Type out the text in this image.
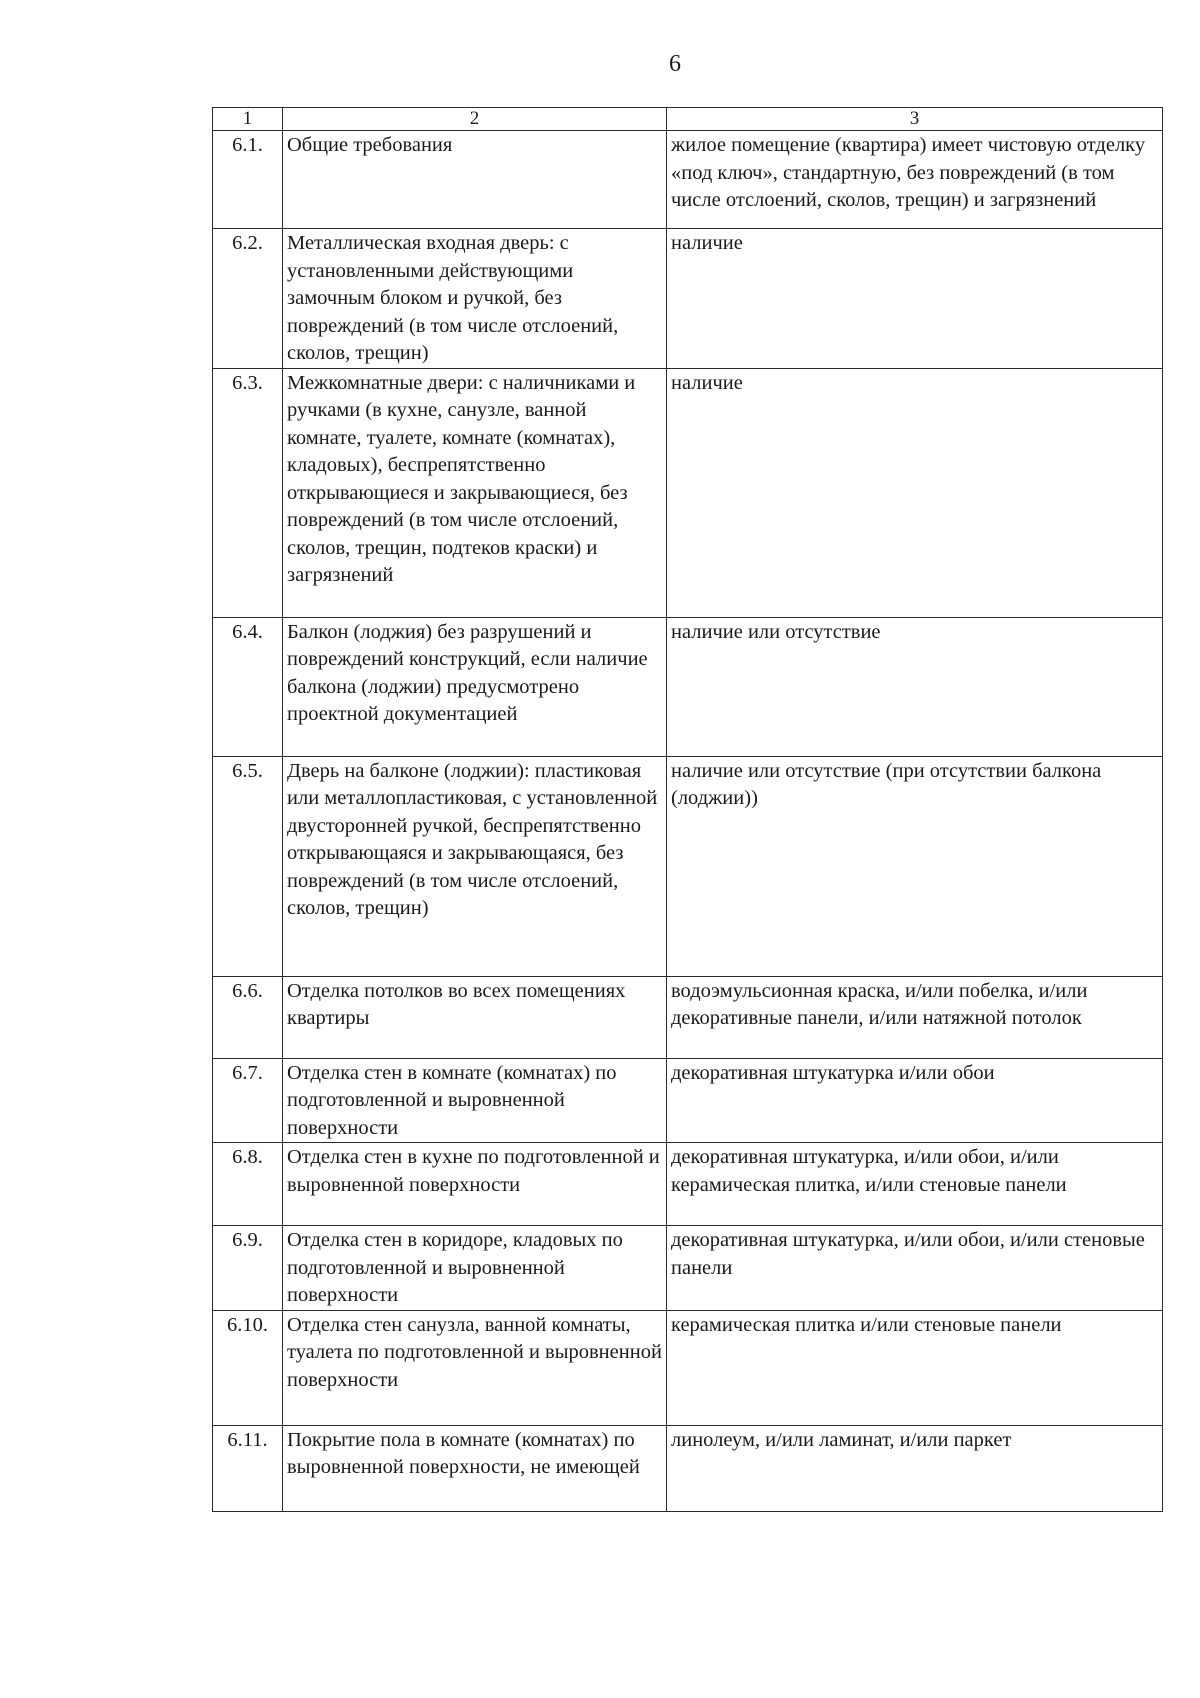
6
1	2	3
6.1.	Общие требования	жилое помещение (квартира) имеет чистовую отделку «под ключ», стандартную, без повреждений (в том числе отслоений, сколов, трещин) и загрязнений
6.2.	Металлическая входная дверь: с установленными действующими замочным блоком и ручкой, без повреждений (в том числе отслоений, сколов, трещин)	наличие
6.3.	Межкомнатные двери: с наличниками и ручками (в кухне, санузле, ванной комнате, туалете, комнате (комнатах), кладовых), беспрепятственно открывающиеся и закрывающиеся, без повреждений (в том числе отслоений, сколов, трещин, подтеков краски) и загрязнений	наличие
6.4.	Балкон (лоджия) без разрушений и повреждений конструкций, если наличие балкона (лоджии) предусмотрено проектной документацией	наличие или отсутствие
6.5.	Дверь на балконе (лоджии): пластиковая или металлопластиковая, с установленной двусторонней ручкой, беспрепятственно открывающаяся и закрывающаяся, без повреждений (в том числе отслоений, сколов, трещин)	наличие или отсутствие (при отсутствии балкона (лоджии))
6.6.	Отделка потолков во всех помещениях квартиры	водоэмульсионная краска, и/или побелка, и/или декоративные панели, и/или натяжной потолок
6.7.	Отделка стен в комнате (комнатах) по подготовленной и выровненной поверхности	декоративная штукатурка и/или обои
6.8.	Отделка стен в кухне по подготовленной и выровненной поверхности	декоративная штукатурка, и/или обои, и/или керамическая плитка, и/или стеновые панели
6.9.	Отделка стен в коридоре, кладовых по подготовленной и выровненной поверхности	декоративная штукатурка, и/или обои, и/или стеновые панели
6.10.	Отделка стен санузла, ванной комнаты, туалета по подготовленной и выровненной поверхности	керамическая плитка и/или стеновые панели
6.11.	Покрытие пола в комнате (комнатах) по выровненной поверхности, не имеющей	линолеум, и/или ламинат, и/или паркет
